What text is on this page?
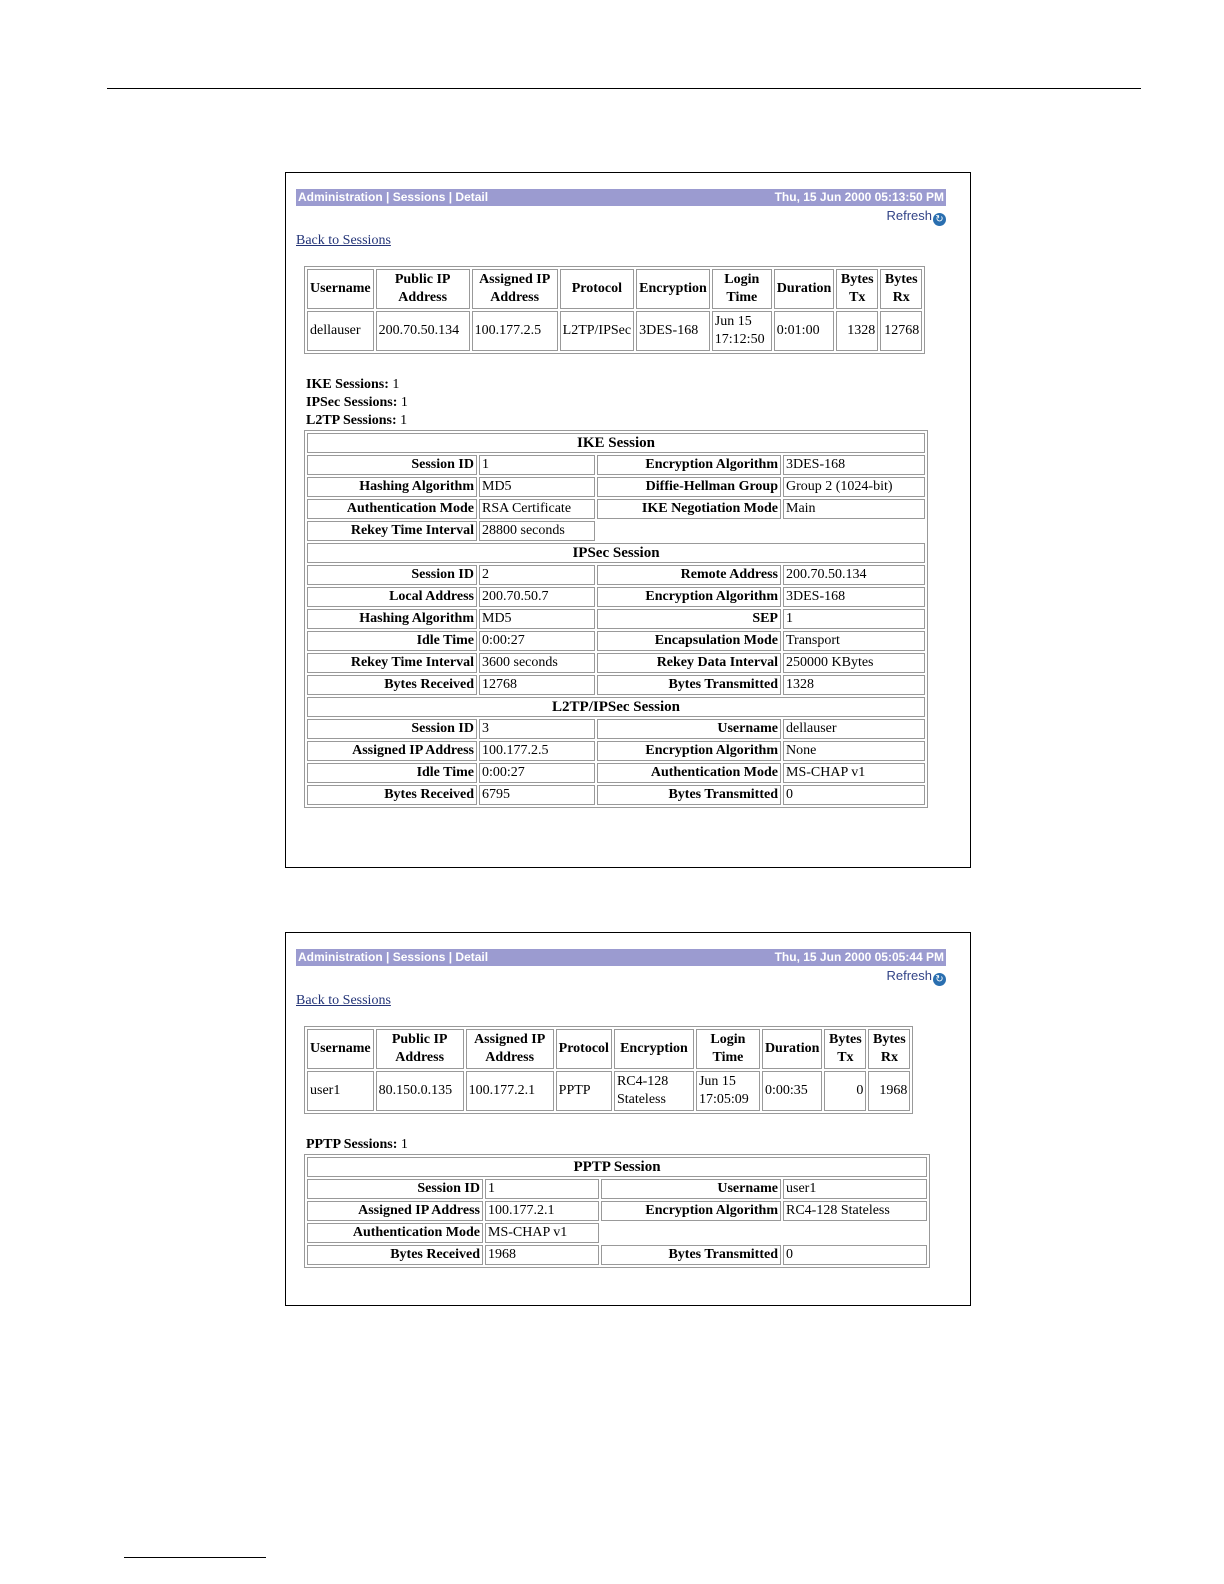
Administration | Sessions | Detail	Thu, 15 Jun 2000 05:13:50 PM
Refresh ↻
Back to Sessions
Username	Public IP Address	Assigned IP Address	Protocol	Encryption	Login Time	Duration	Bytes Tx	Bytes Rx
dellauser	200.70.50.134	100.177.2.5	L2TP/IPSec	3DES-168	Jun 15 17:12:50	0:01:00	1328	12768
IKE Sessions: 1
IPSec Sessions: 1
L2TP Sessions: 1
IKE Session			
Session ID	1	Encryption Algorithm	3DES-168
Hashing Algorithm	MD5	Diffie-Hellman Group	Group 2 (1024-bit)
Authentication Mode	RSA Certificate	IKE Negotiation Mode	Main
Rekey Time Interval	28800 seconds		
IPSec Session			
Session ID	2	Remote Address	200.70.50.134
Local Address	200.70.50.7	Encryption Algorithm	3DES-168
Hashing Algorithm	MD5	SEP	1
Idle Time	0:00:27	Encapsulation Mode	Transport
Rekey Time Interval	3600 seconds	Rekey Data Interval	250000 KBytes
Bytes Received	12768	Bytes Transmitted	1328
L2TP/IPSec Session			
Session ID	3	Username	dellauser
Assigned IP Address	100.177.2.5	Encryption Algorithm	None
Idle Time	0:00:27	Authentication Mode	MS-CHAP v1
Bytes Received	6795	Bytes Transmitted	0
Administration | Sessions | Detail	Thu, 15 Jun 2000 05:05:44 PM
Refresh ↻
Back to Sessions
Username	Public IP Address	Assigned IP Address	Protocol	Encryption	Login Time	Duration	Bytes Tx	Bytes Rx
user1	80.150.0.135	100.177.2.1	PPTP	RC4-128 Stateless	Jun 15 17:05:09	0:00:35	0	1968
PPTP Sessions: 1
PPTP Session			
Session ID	1	Username	user1
Assigned IP Address	100.177.2.1	Encryption Algorithm	RC4-128 Stateless
Authentication Mode	MS-CHAP v1		
Bytes Received	1968	Bytes Transmitted	0
